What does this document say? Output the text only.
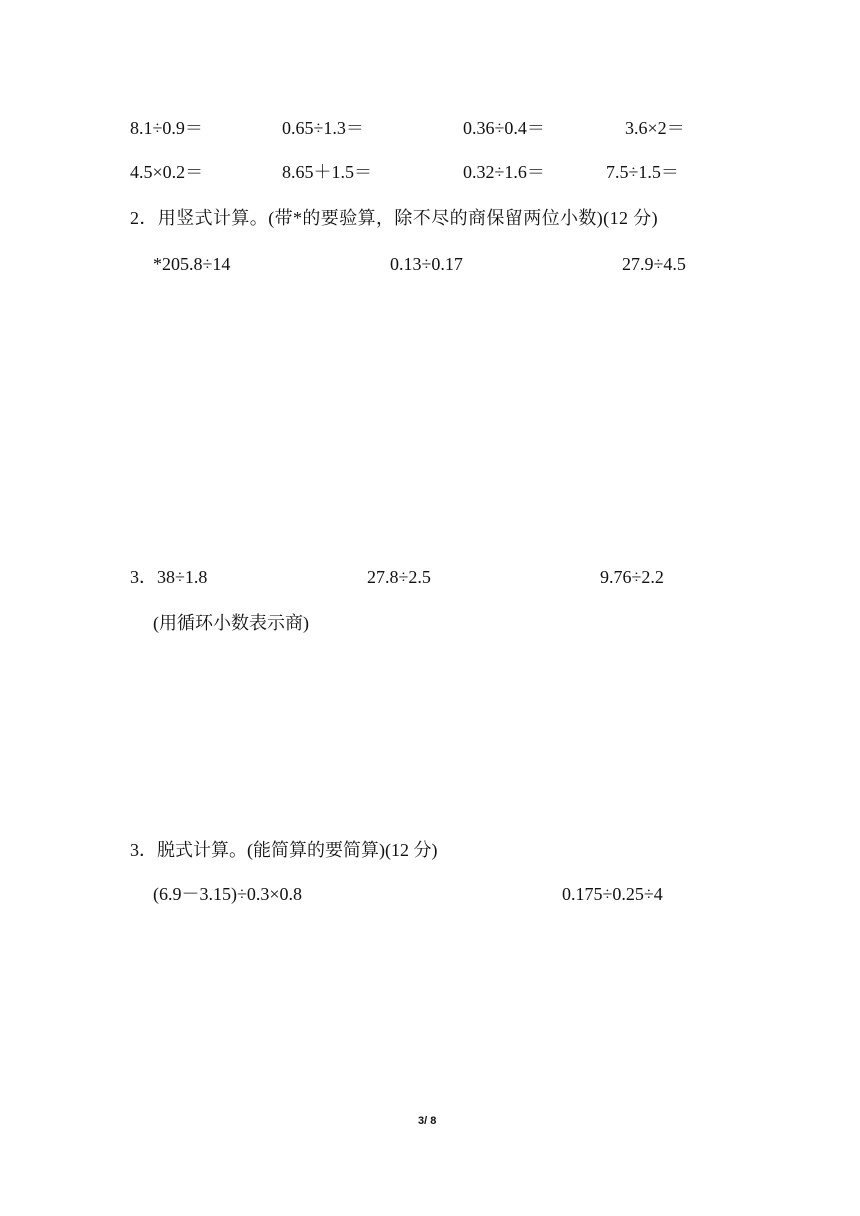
8.1÷0.9＝	0.65÷1.3＝	0.36÷0.4＝	3.6×2＝
4.5×0.2＝	8.65＋1.5＝	0.32÷1.6＝	7.5÷1.5＝
2．用竖式计算。(带*的要验算，除不尽的商保留两位小数)(12 分)
*205.8÷14	0.13÷0.17	27.9÷4.5
3．38÷1.8	27.8÷2.5	9.76÷2.2
(用循环小数表示商)
3．脱式计算。(能简算的要简算)(12 分)
(6.9－3.15)÷0.3×0.8	0.175÷0.25÷4
3/ 8
